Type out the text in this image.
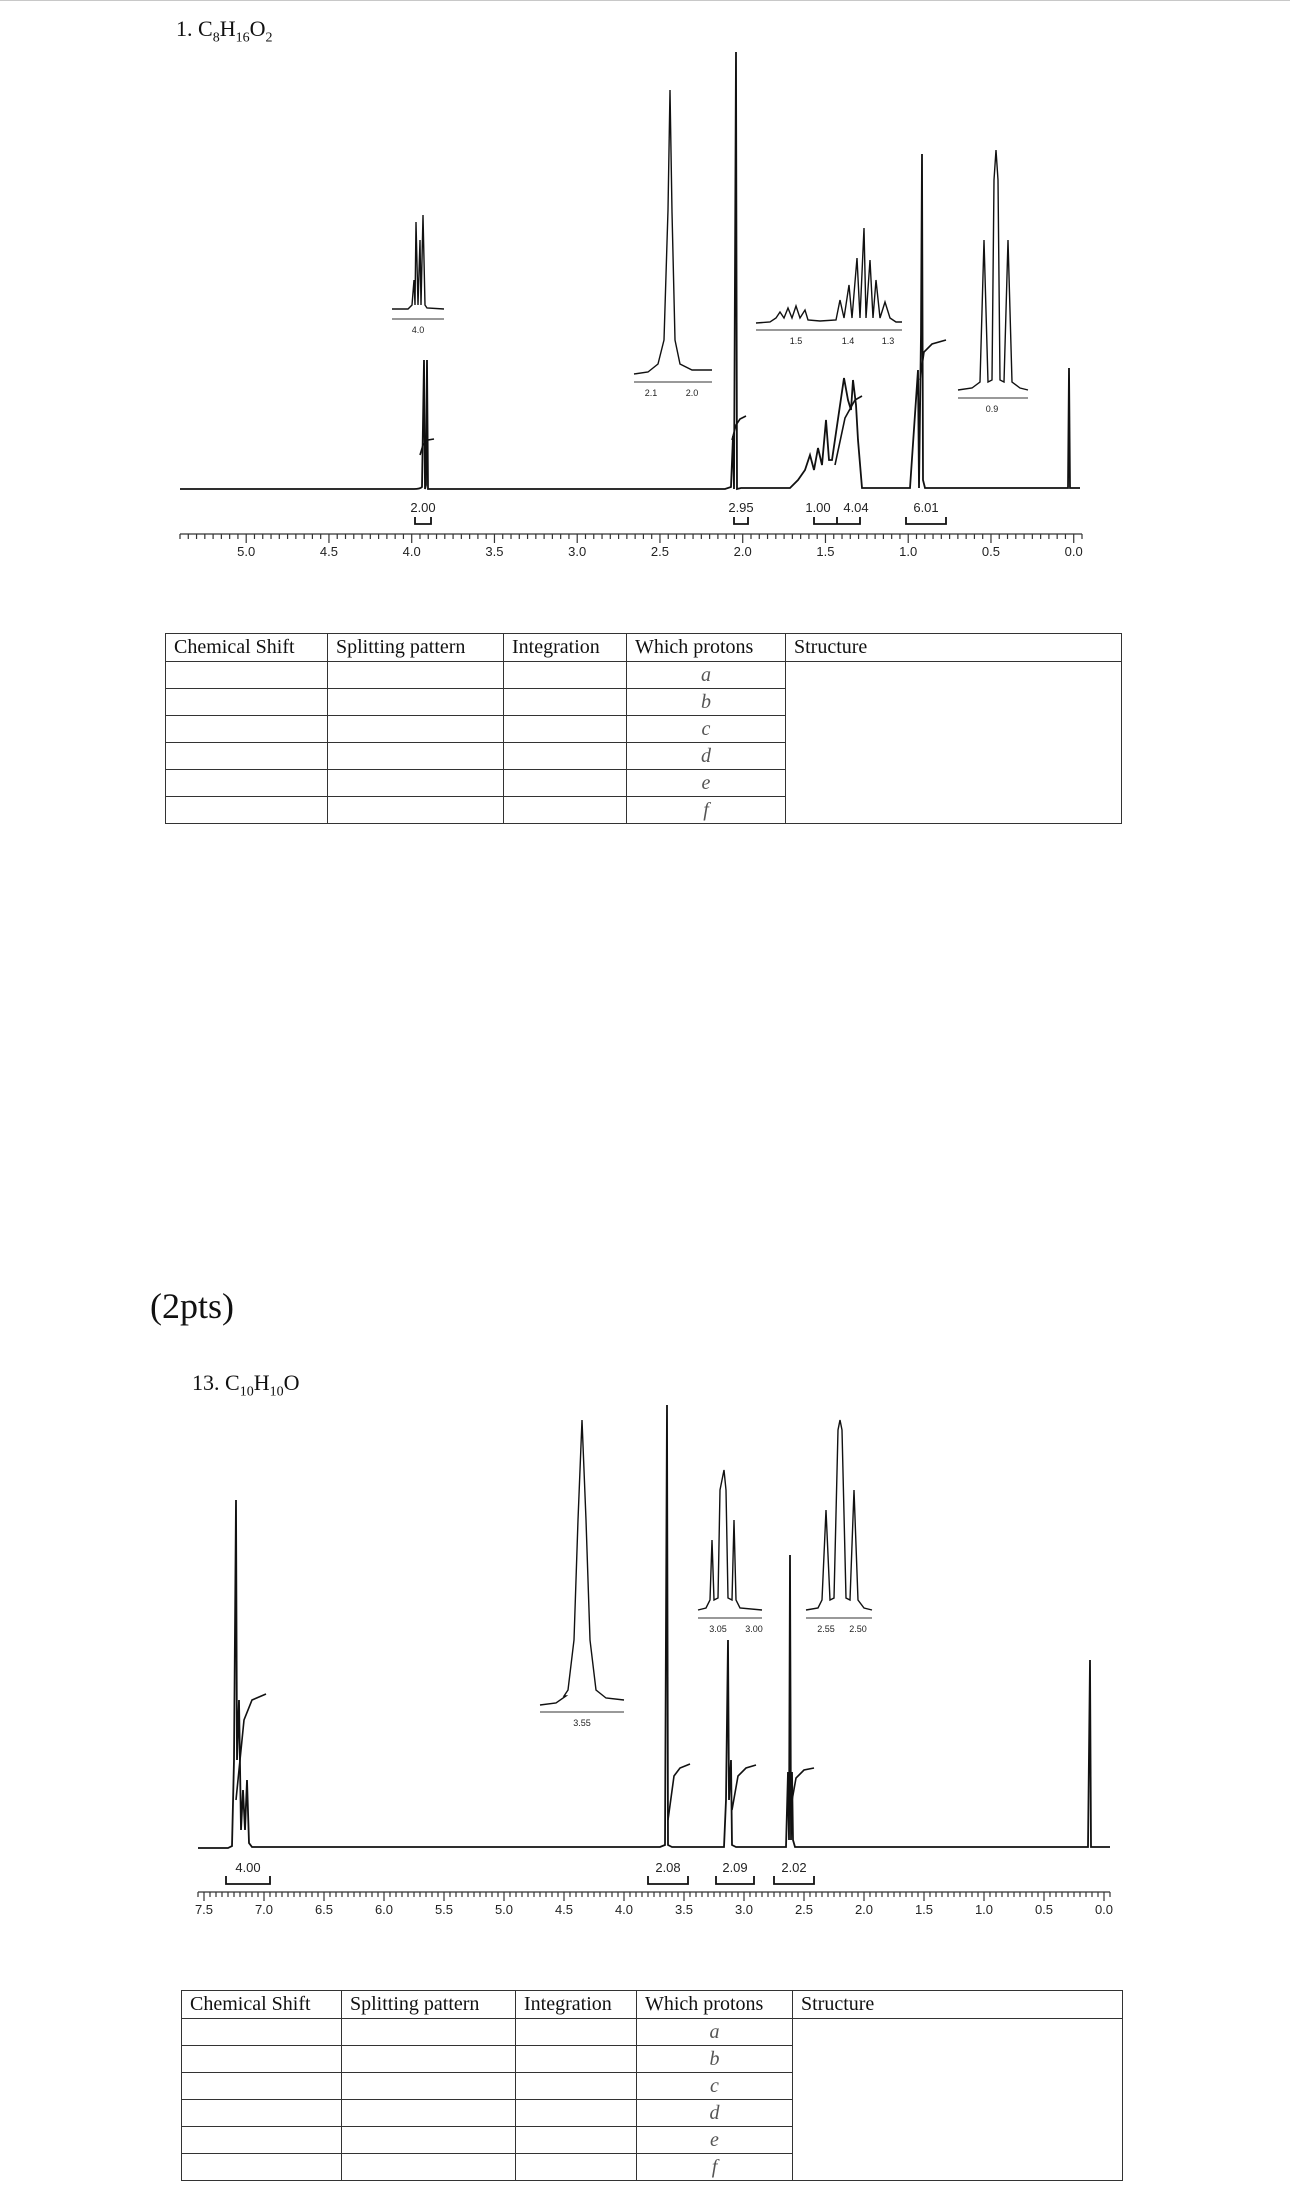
1. $C_8H_{16}O_2$
5.0	4.5	4.0	3.5	3.0	2.5	2.0	1.5	1.0	0.5	0.0
2.00	2.95	1.00 4.04	6.01
4.0
2.1	2.0
1.5	1.4	1.3
0.9
Chemical Shift	Splitting pattern	Integration	Which protons	Structure
			a	
			b	
			c	
			d	
			e	
			f	
(2pts)
13. $C_{10}H_{10}O$
7.5	7.0	6.5	6.0	5.5	5.0	4.5	4.0	3.5	3.0	2.5	2.0	1.5	1.0	0.5	0.0
4.00	2.08	2.09	2.02
3.55
3.05 3.00	2.55 2.50
Chemical Shift	Splitting pattern	Integration	Which protons	Structure
			a	
			b	
			c	
			d	
			e	
			f	
